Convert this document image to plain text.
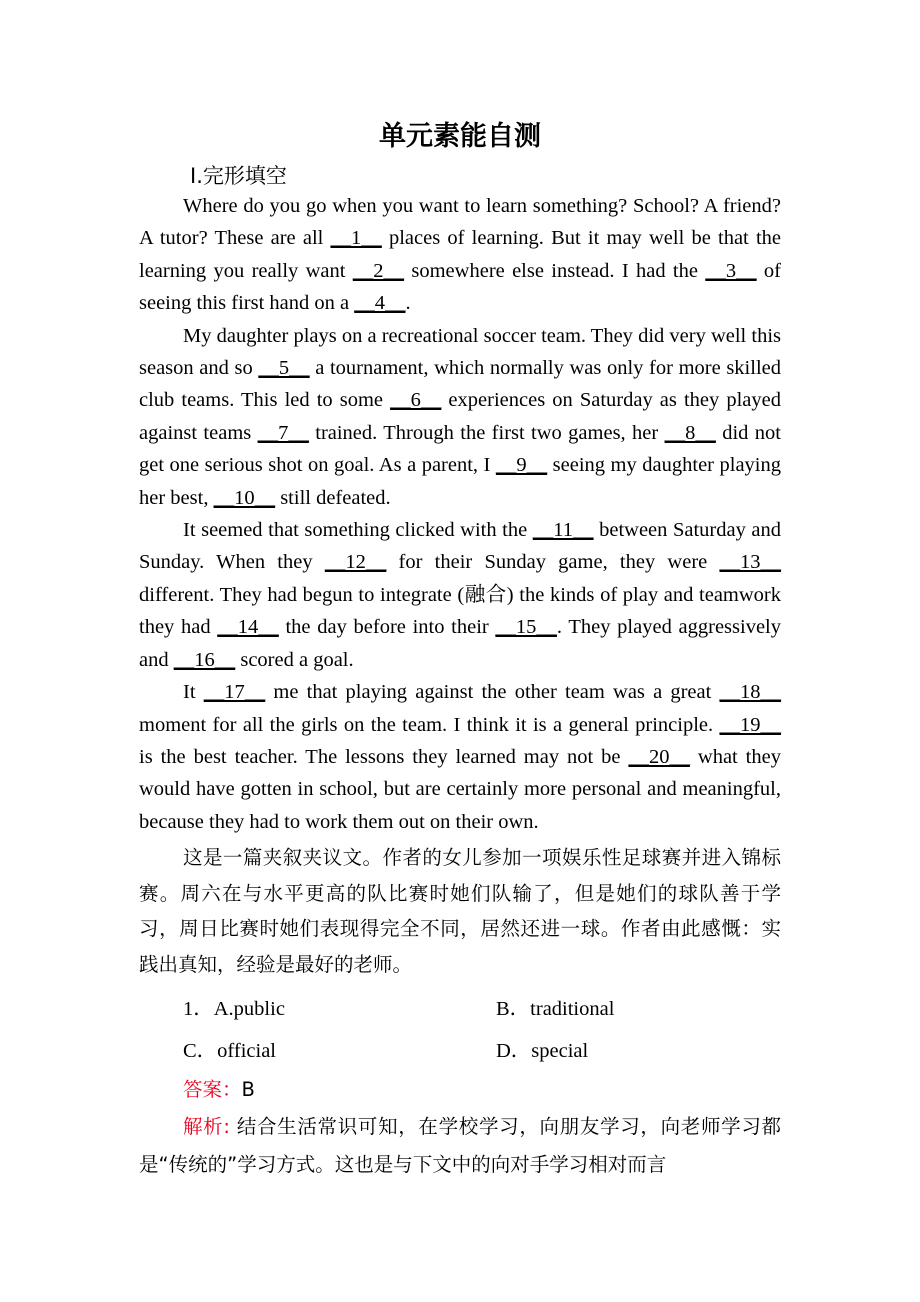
单元素能自测
Ⅰ.完形填空

Where do you go when you want to learn something? School? A friend? A tutor? These are all __1__ places of learning. But it may well be that the learning you really want __2__ somewhere else instead. I had the __3__ of seeing this first hand on a __4__.

My daughter plays on a recreational soccer team. They did very well this season and so __5__ a tournament, which normally was only for more skilled club teams. This led to some __6__ experiences on Saturday as they played against teams __7__ trained. Through the first two games, her __8__ did not get one serious shot on goal. As a parent, I __9__ seeing my daughter playing her best, __10__ still defeated.

It seemed that something clicked with the __11__ between Saturday and Sunday. When they __12__ for their Sunday game, they were __13__ different. They had begun to integrate (融合) the kinds of play and teamwork they had __14__ the day before into their __15__. They played aggressively and __16__ scored a goal.

It __17__ me that playing against the other team was a great __18__ moment for all the girls on the team. I think it is a general principle. __19__ is the best teacher. The lessons they learned may not be __20__ what they would have gotten in school, but are certainly more personal and meaningful, because they had to work them out on their own.

这是一篇夹叙夹议文。作者的女儿参加一项娱乐性足球赛并进入锦标赛。周六在与水平更高的队比赛时她们队输了，但是她们的球队善于学习，周日比赛时她们表现得完全不同，居然还进一球。作者由此感慨：实践出真知，经验是最好的老师。

1．A.public	B．traditional
C．official	D．special
答案：B

解析: 结合生活常识可知，在学校学习，向朋友学习，向老师学习都是“传统的”学习方式。这也是与下文中的向对手学习相对而言
